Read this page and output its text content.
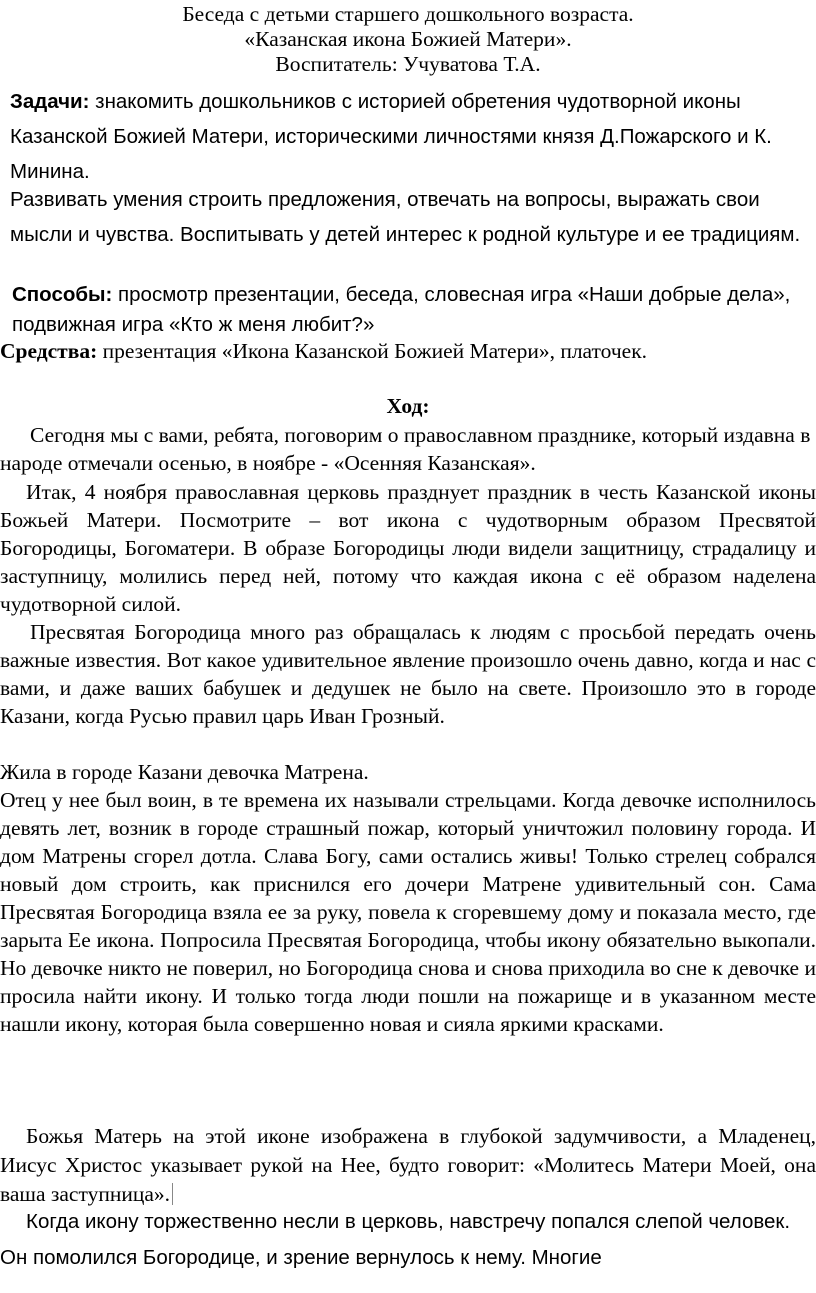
Беседа с детьми старшего дошкольного возраста.
«Казанская икона Божией Матери».
Воспитатель: Учуватова Т.А.
Задачи: знакомить дошкольников с историей обретения чудотворной иконы Казанской Божией Матери, историческими личностями князя Д.Пожарского и К. Минина.
Развивать умения строить предложения, отвечать на вопросы, выражать свои мысли и чувства. Воспитывать у детей интерес к родной культуре и ее традициям.
Способы: просмотр презентации, беседа, словесная игра «Наши добрые дела», подвижная игра «Кто ж меня любит?»
Средства: презентация «Икона Казанской Божией Матери», платочек.
Ход:
Сегодня мы с вами, ребята, поговорим о православном празднике, который издавна в народе отмечали осенью, в ноябре - «Осенняя Казанская».
Итак, 4 ноября православная церковь празднует праздник в честь Казанской иконы Божьей Матери. Посмотрите – вот икона с чудотворным образом Пресвятой Богородицы, Богоматери. В образе Богородицы люди видели защитницу, страдалицу и заступницу, молились перед ней, потому что каждая икона с её образом наделена чудотворной силой.
Пресвятая Богородица много раз обращалась к людям с просьбой передать очень важные известия. Вот какое удивительное явление произошло очень давно, когда и нас с вами, и даже ваших бабушек и дедушек не было на свете. Произошло это в городе Казани, когда Русью правил царь Иван Грозный.
Жила в городе Казани девочка Матрена.
Отец у нее был воин, в те времена их называли стрельцами. Когда девочке исполнилось девять лет, возник в городе страшный пожар, который уничтожил половину города. И дом Матрены сгорел дотла. Слава Богу, сами остались живы! Только стрелец собрался новый дом строить, как приснился его дочери Матрене удивительный сон. Сама Пресвятая Богородица взяла ее за руку, повела к сгоревшему дому и показала место, где зарыта Ее икона. Попросила Пресвятая Богородица, чтобы икону обязательно выкопали. Но девочке никто не поверил, но Богородица снова и снова приходила во сне к девочке и просила найти икону. И только тогда люди пошли на пожарище и в указанном месте нашли икону, которая была совершенно новая и сияла яркими красками.
Божья Матерь на этой иконе изображена в глубокой задумчивости, а Младенец, Иисус Христос указывает рукой на Нее, будто говорит: «Молитесь Матери Моей, она ваша заступница».
Когда икону торжественно несли в церковь, навстречу попался слепой человек. Он помолился Богородице, и зрение вернулось к нему. Многие
